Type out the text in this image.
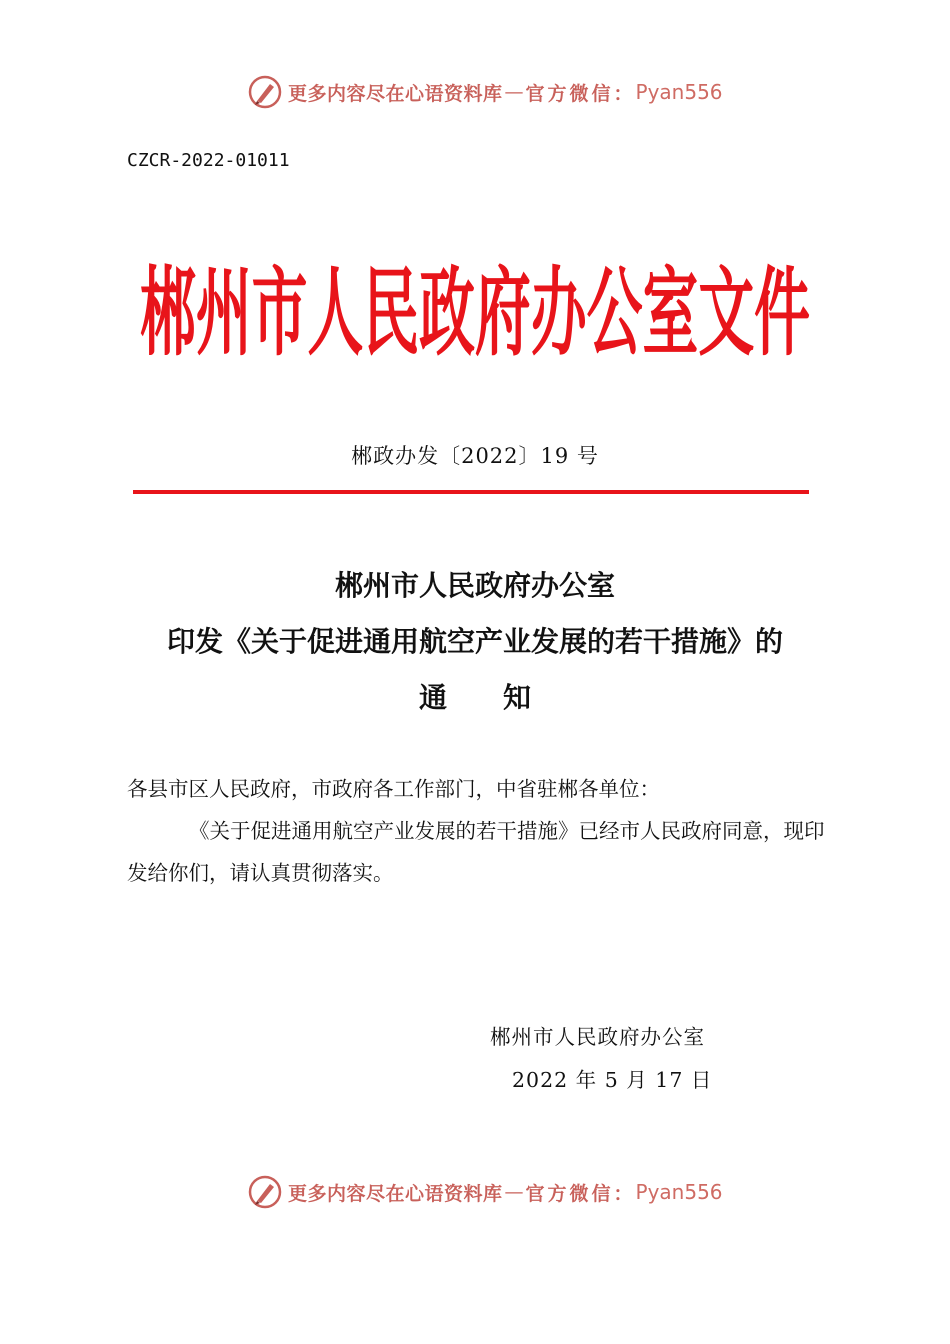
更多内容尽在心语资料库 — 官方微信： Pyan556
CZCR-2022-01011
郴州市人民政府办公室文件
郴政办发〔2022〕19 号
郴州市人民政府办公室
印发《关于促进通用航空产业发展的若干措施》的
通 知
各县市区人民政府，市政府各工作部门，中省驻郴各单位：
《关于促进通用航空产业发展的若干措施》已经市人民政府同意，现印发给你们，请认真贯彻落实。
郴州市人民政府办公室
2022 年 5 月 17 日
更多内容尽在心语资料库 — 官方微信： Pyan556
